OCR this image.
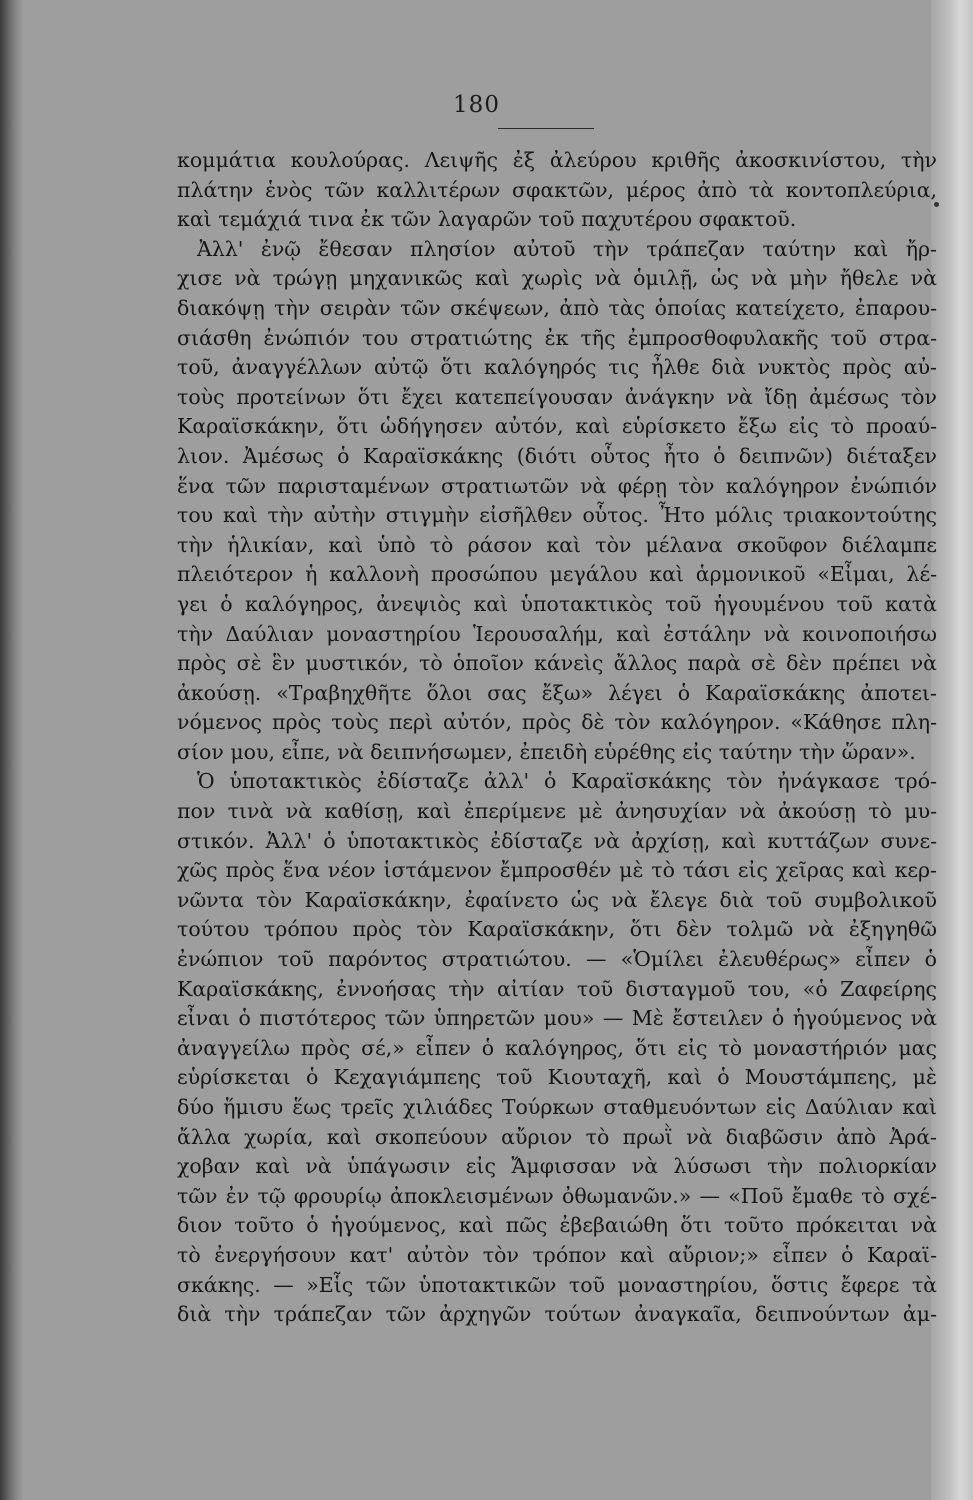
180
κομμάτια κουλούρας. Λειψῆς ἐξ ἀλεύρου κριθῆς ἀκοσκινίστου, τὴν
πλάτην ἑνὸς τῶν καλλιτέρων σφακτῶν, μέρος ἀπὸ τὰ κοντοπλεύρια,
καὶ τεμάχιά τινα ἐκ τῶν λαγαρῶν τοῦ παχυτέρου σφακτοῦ.
Ἀλλ' ἐνῷ ἔθεσαν πλησίον αὐτοῦ τὴν τράπεζαν ταύτην καὶ ἤρ-
χισε νὰ τρώγῃ μηχανικῶς καὶ χωρὶς νὰ ὁμιλῇ, ὡς νὰ μὴν ἤθελε νὰ
διακόψῃ τὴν σειρὰν τῶν σκέψεων, ἀπὸ τὰς ὁποίας κατείχετο, ἐπαρου-
σιάσθη ἐνώπιόν του στρατιώτης ἐκ τῆς ἐμπροσθοφυλακῆς τοῦ στρα-
τοῦ, ἀναγγέλλων αὐτῷ ὅτι καλόγηρός τις ἦλθε διὰ νυκτὸς πρὸς αὐ-
τοὺς προτείνων ὅτι ἔχει κατεπείγουσαν ἀνάγκην νὰ ἴδῃ ἀμέσως τὸν
Καραϊσκάκην, ὅτι ὡδήγησεν αὐτόν, καὶ εὑρίσκετο ἔξω εἰς τὸ προαύ-
λιον. Ἀμέσως ὁ Καραϊσκάκης (διότι οὗτος ἦτο ὁ δειπνῶν) διέταξεν
ἕνα τῶν παρισταμένων στρατιωτῶν νὰ φέρῃ τὸν καλόγηρον ἐνώπιόν
του καὶ τὴν αὐτὴν στιγμὴν εἰσῆλθεν οὗτος. Ἦτο μόλις τριακοντούτης
τὴν ἡλικίαν, καὶ ὑπὸ τὸ ράσον καὶ τὸν μέλανα σκοῦφον διέλαμπε
πλειότερον ἡ καλλονὴ προσώπου μεγάλου καὶ ἁρμονικοῦ «Εἶμαι, λέ-
γει ὁ καλόγηρος, ἀνεψιὸς καὶ ὑποτακτικὸς τοῦ ἡγουμένου τοῦ κατὰ
τὴν Δαύλιαν μοναστηρίου Ἱερουσαλήμ, καὶ ἐστάλην νὰ κοινοποιήσω
πρὸς σὲ ἓν μυστικόν, τὸ ὁποῖον κάνεὶς ἄλλος παρὰ σὲ δὲν πρέπει νὰ
ἀκούσῃ. «Τραβηχθῆτε ὅλοι σας ἔξω» λέγει ὁ Καραϊσκάκης ἀποτει-
νόμενος πρὸς τοὺς περὶ αὐτόν, πρὸς δὲ τὸν καλόγηρον. «Κάθησε πλη-
σίον μου, εἶπε, νὰ δειπνήσωμεν, ἐπειδὴ εὑρέθης εἰς ταύτην τὴν ὥραν».
Ὁ ὑποτακτικὸς ἐδίσταζε ἀλλ' ὁ Καραϊσκάκης τὸν ἠνάγκασε τρό-
πον τινὰ νὰ καθίσῃ, καὶ ἐπερίμενε μὲ ἀνησυχίαν νὰ ἀκούσῃ τὸ μυ-
στικόν. Ἀλλ' ὁ ὑποτακτικὸς ἐδίσταζε νὰ ἀρχίσῃ, καὶ κυττάζων συνε-
χῶς πρὸς ἕνα νέον ἱστάμενον ἔμπροσθέν μὲ τὸ τάσι εἰς χεῖρας καὶ κερ-
νῶντα τὸν Καραϊσκάκην, ἐφαίνετο ὡς νὰ ἔλεγε διὰ τοῦ συμβολικοῦ
τούτου τρόπου πρὸς τὸν Καραϊσκάκην, ὅτι δὲν τολμῶ νὰ ἐξηγηθῶ
ἐνώπιον τοῦ παρόντος στρατιώτου. — «Ὁμίλει ἐλευθέρως» εἶπεν ὁ
Καραϊσκάκης, ἐννοήσας τὴν αἰτίαν τοῦ δισταγμοῦ του, «ὁ Ζαφείρης
εἶναι ὁ πιστότερος τῶν ὑπηρετῶν μου» — Μὲ ἔστειλεν ὁ ἡγούμενος νὰ
ἀναγγείλω πρὸς σέ,» εἶπεν ὁ καλόγηρος, ὅτι εἰς τὸ μοναστήριόν μας
εὑρίσκεται ὁ Κεχαγιάμπεης τοῦ Κιουταχῆ, καὶ ὁ Μουστάμπεης, μὲ
δύο ἥμισυ ἕως τρεῖς χιλιάδες Τούρκων σταθμευόντων εἰς Δαύλιαν καὶ
ἄλλα χωρία, καὶ σκοπεύουν αὔριον τὸ πρωῒ νὰ διαβῶσιν ἀπὸ Ἀρά-
χοβαν καὶ νὰ ὑπάγωσιν εἰς Ἄμφισσαν νὰ λύσωσι τὴν πολιορκίαν
τῶν ἐν τῷ φρουρίῳ ἀποκλεισμένων ὀθωμανῶν.» — «Ποῦ ἔμαθε τὸ σχέ-
διον τοῦτο ὁ ἡγούμενος, καὶ πῶς ἐβεβαιώθη ὅτι τοῦτο πρόκειται νὰ
τὸ ἐνεργήσουν κατ' αὐτὸν τὸν τρόπον καὶ αὔριον;» εἶπεν ὁ Καραϊ-
σκάκης. — »Εἷς τῶν ὑποτακτικῶν τοῦ μοναστηρίου, ὅστις ἔφερε τὰ
διὰ τὴν τράπεζαν τῶν ἀρχηγῶν τούτων ἀναγκαῖα, δειπνούντων ἀμ-
